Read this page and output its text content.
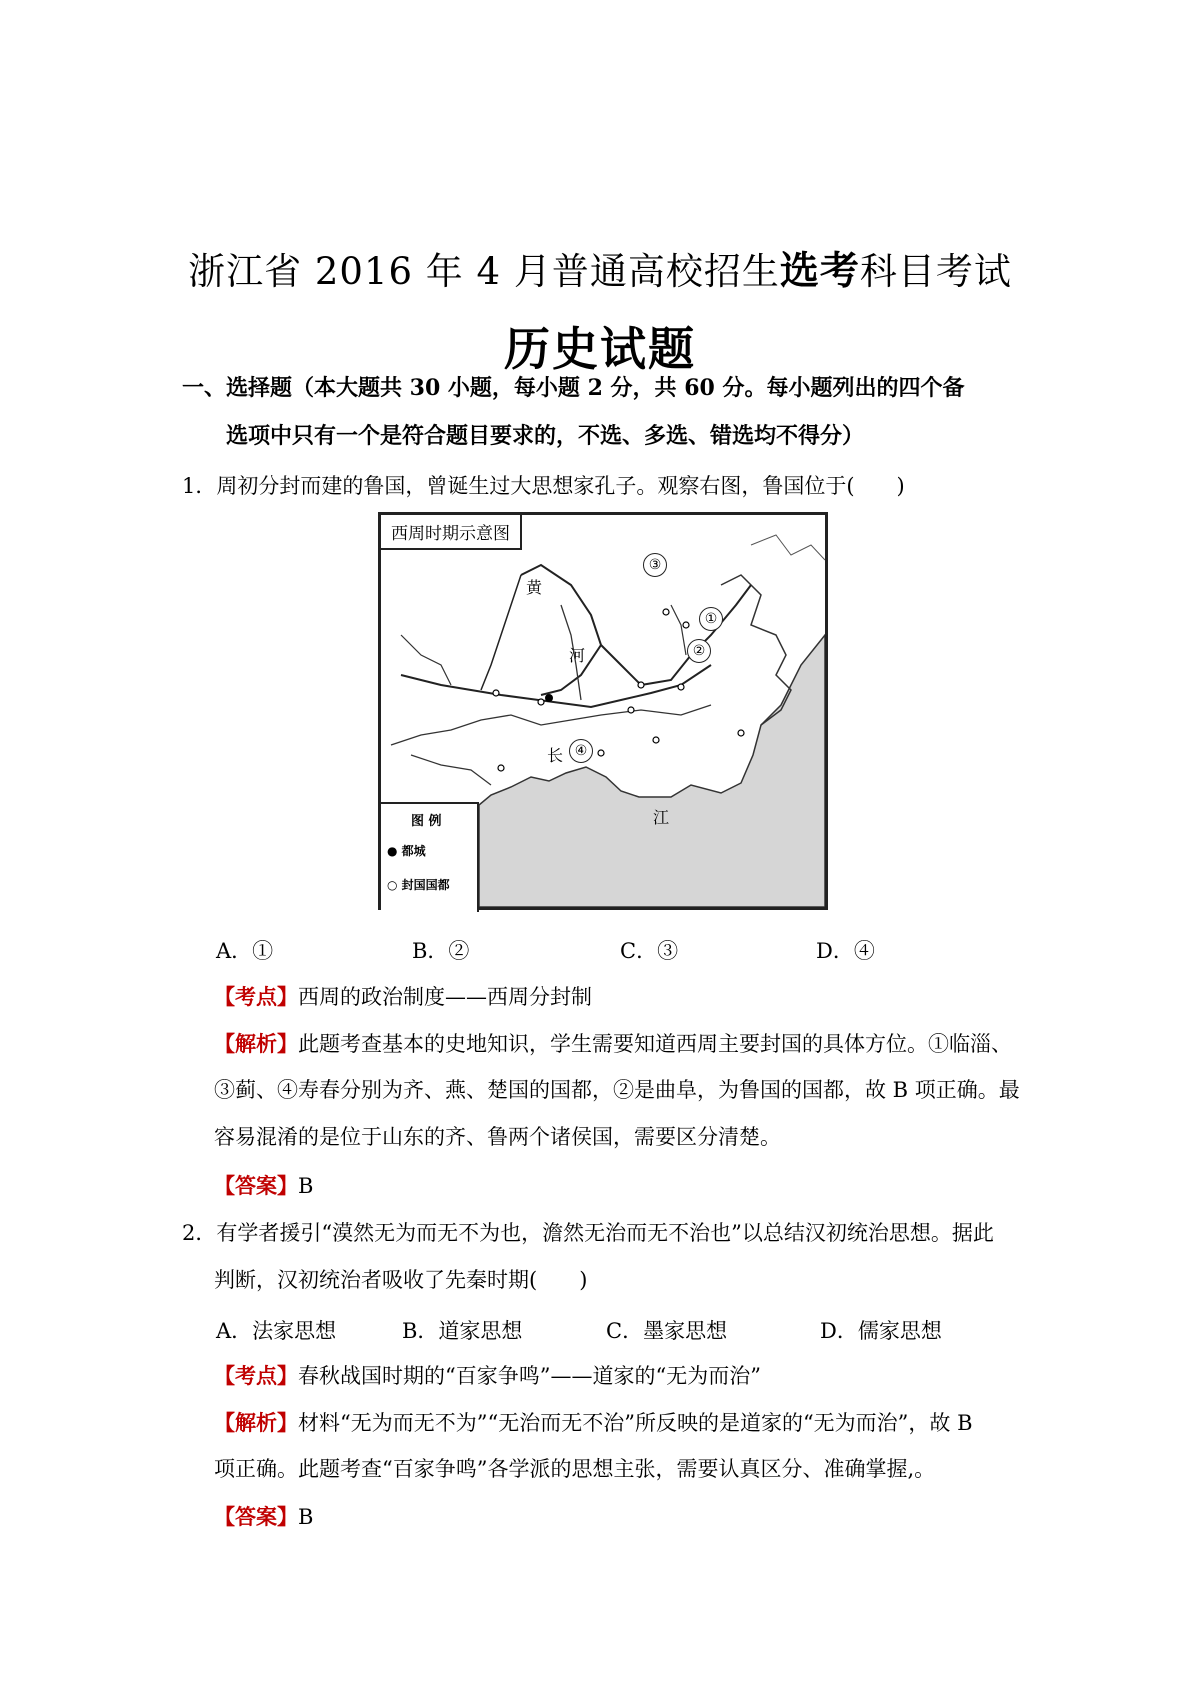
浙江省 2016 年 4 月普通高校招生选考科目考试
历史试题
一、选择题（本大题共 30 小题，每小题 2 分，共 60 分。每小题列出的四个备
选项中只有一个是符合题目要求的，不选、多选、错选均不得分）
1．周初分封而建的鲁国，曾诞生过大思想家孔子。观察右图，鲁国位于(　　)
西周时期示意图
黄
河
长
江
③
①
②
④
图 例
● 都城
○ 封国国都
A．①	B．②	C．③	D．④
【考点】西周的政治制度——西周分封制
【解析】此题考查基本的史地知识，学生需要知道西周主要封国的具体方位。①临淄、
③蓟、④寿春分别为齐、燕、楚国的国都，②是曲阜，为鲁国的国都，故 B 项正确。最
容易混淆的是位于山东的齐、鲁两个诸侯国，需要区分清楚。
【答案】B
2．有学者援引“漠然无为而无不为也，澹然无治而无不治也”以总结汉初统治思想。据此
判断，汉初统治者吸收了先秦时期(　　)
A．法家思想	B．道家思想	C．墨家思想	D．儒家思想
【考点】春秋战国时期的“百家争鸣”——道家的“无为而治”
【解析】材料“无为而无不为”“无治而无不治”所反映的是道家的“无为而治”，故 B
项正确。此题考查“百家争鸣”各学派的思想主张，需要认真区分、准确掌握,。
【答案】B
